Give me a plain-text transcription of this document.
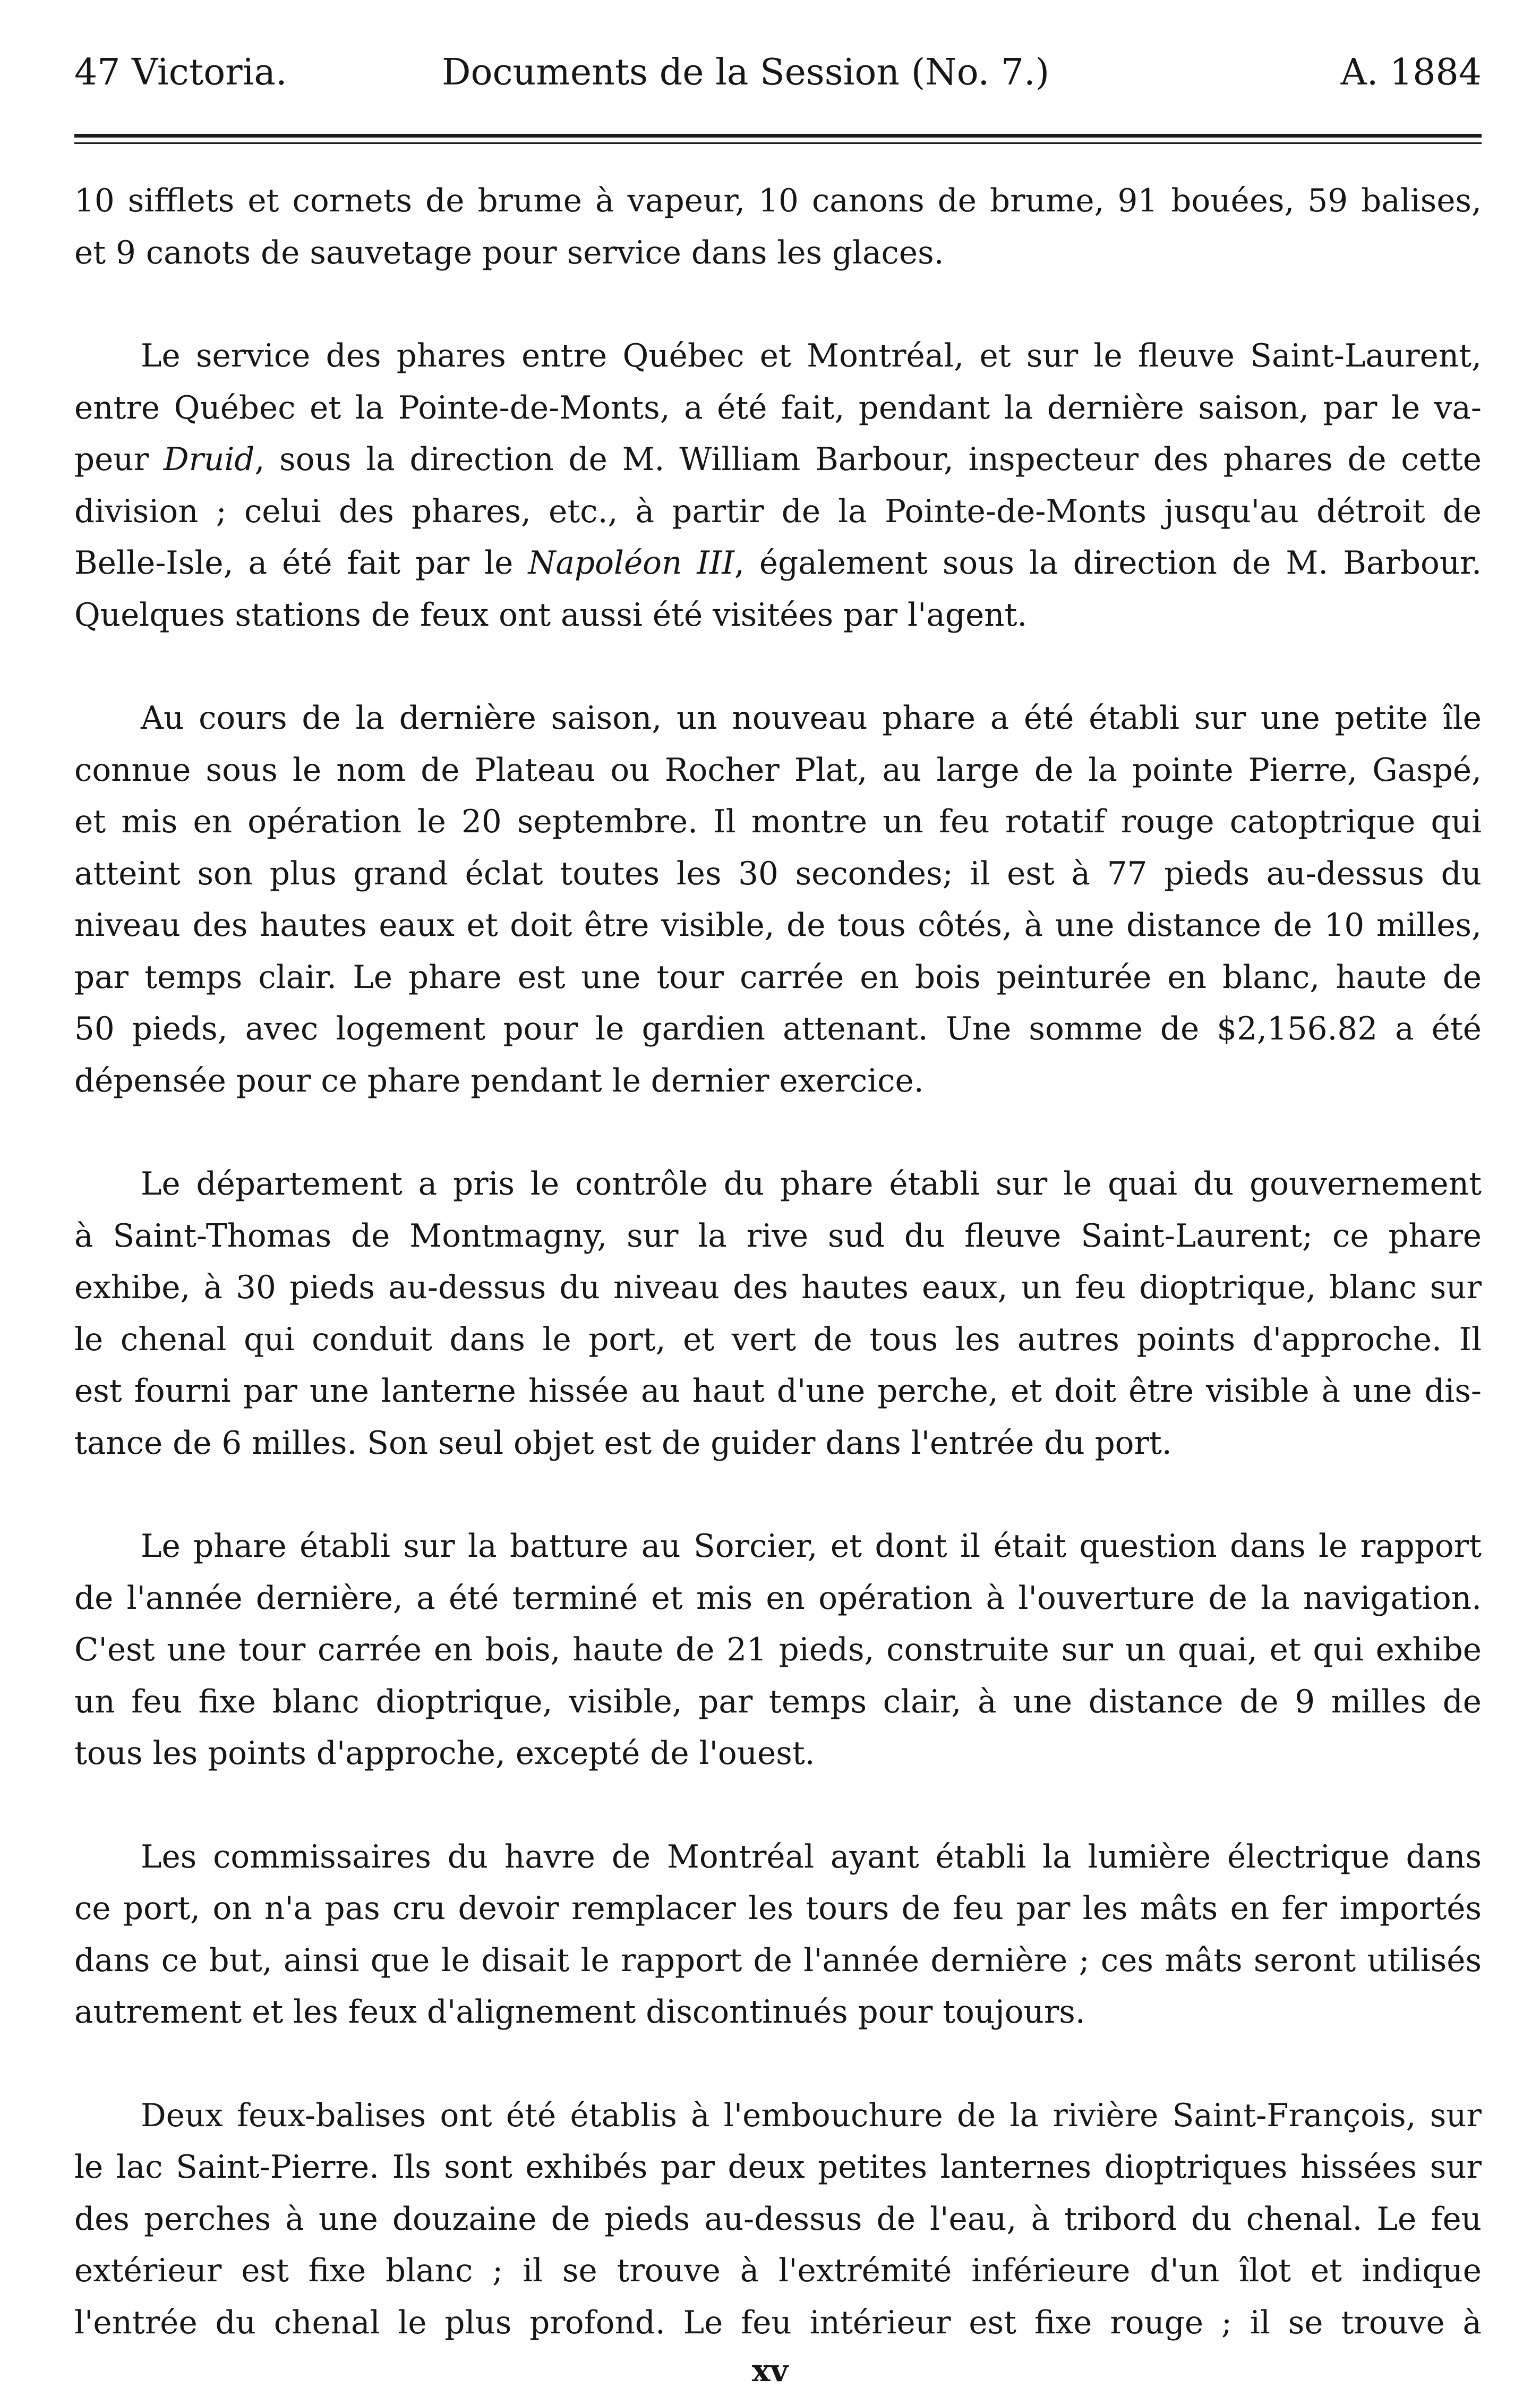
47 Victoria.	Documents de la Session (No. 7.)	A. 1884
10 sifflets et cornets de brume à vapeur, 10 canons de brume, 91 bouées, 59 balises,
et 9 canots de sauvetage pour service dans les glaces.
Le service des phares entre Québec et Montréal, et sur le fleuve Saint-Laurent,
entre Québec et la Pointe-de-Monts, a été fait, pendant la dernière saison, par le va-
peur Druid, sous la direction de M. William Barbour, inspecteur des phares de cette
division ; celui des phares, etc., à partir de la Pointe-de-Monts jusqu'au détroit de
Belle-Isle, a été fait par le Napoléon III, également sous la direction de M. Barbour.
Quelques stations de feux ont aussi été visitées par l'agent.
Au cours de la dernière saison, un nouveau phare a été établi sur une petite île
connue sous le nom de Plateau ou Rocher Plat, au large de la pointe Pierre, Gaspé,
et mis en opération le 20 septembre. Il montre un feu rotatif rouge catoptrique qui
atteint son plus grand éclat toutes les 30 secondes; il est à 77 pieds au-dessus du
niveau des hautes eaux et doit être visible, de tous côtés, à une distance de 10 milles,
par temps clair. Le phare est une tour carrée en bois peinturée en blanc, haute de
50 pieds, avec logement pour le gardien attenant. Une somme de $2,156.82 a été
dépensée pour ce phare pendant le dernier exercice.
Le département a pris le contrôle du phare établi sur le quai du gouvernement
à Saint-Thomas de Montmagny, sur la rive sud du fleuve Saint-Laurent; ce phare
exhibe, à 30 pieds au-dessus du niveau des hautes eaux, un feu dioptrique, blanc sur
le chenal qui conduit dans le port, et vert de tous les autres points d'approche. Il
est fourni par une lanterne hissée au haut d'une perche, et doit être visible à une dis-
tance de 6 milles. Son seul objet est de guider dans l'entrée du port.
Le phare établi sur la batture au Sorcier, et dont il était question dans le rapport
de l'année dernière, a été terminé et mis en opération à l'ouverture de la navigation.
C'est une tour carrée en bois, haute de 21 pieds, construite sur un quai, et qui exhibe
un feu fixe blanc dioptrique, visible, par temps clair, à une distance de 9 milles de
tous les points d'approche, excepté de l'ouest.
Les commissaires du havre de Montréal ayant établi la lumière électrique dans
ce port, on n'a pas cru devoir remplacer les tours de feu par les mâts en fer importés
dans ce but, ainsi que le disait le rapport de l'année dernière ; ces mâts seront utilisés
autrement et les feux d'alignement discontinués pour toujours.
Deux feux-balises ont été établis à l'embouchure de la rivière Saint-François, sur
le lac Saint-Pierre. Ils sont exhibés par deux petites lanternes dioptriques hissées sur
des perches à une douzaine de pieds au-dessus de l'eau, à tribord du chenal. Le feu
extérieur est fixe blanc ; il se trouve à l'extrémité inférieure d'un îlot et indique
l'entrée du chenal le plus profond. Le feu intérieur est fixe rouge ; il se trouve à
xv
